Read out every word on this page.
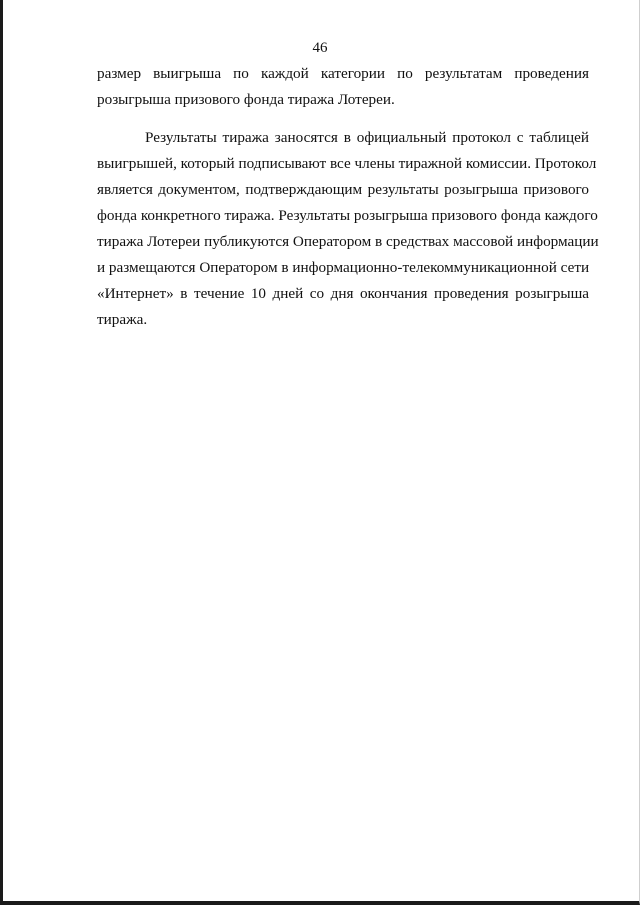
46
размер выигрыша по каждой категории по результатам проведения
розыгрыша призового фонда тиража Лотереи.
Результаты тиража заносятся в официальный протокол с таблицей
выигрышей, который подписывают все члены тиражной комиссии. Протокол
является документом, подтверждающим результаты розыгрыша призового
фонда конкретного тиража. Результаты розыгрыша призового фонда каждого
тиража Лотереи публикуются Оператором в средствах массовой информации
и размещаются Оператором в информационно-телекоммуникационной сети
«Интернет» в течение 10 дней со дня окончания проведения розыгрыша
тиража.
